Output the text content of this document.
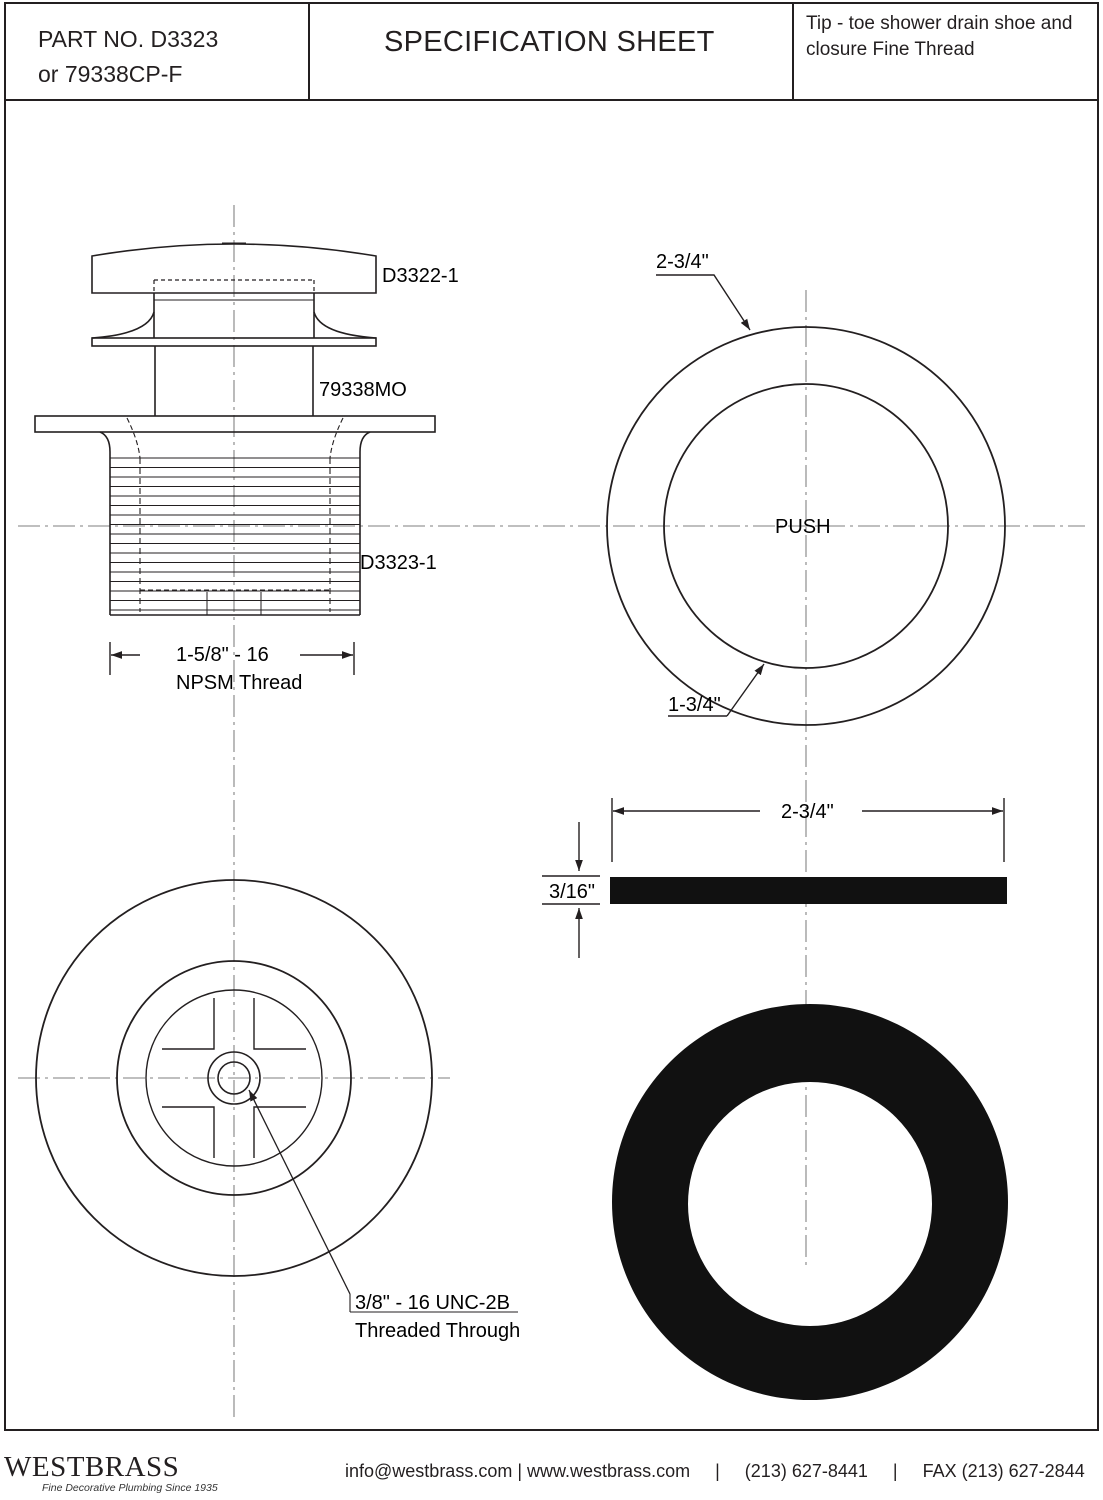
PART NO. D3323
or 79338CP-F
SPECIFICATION SHEET
Tip - toe shower drain shoe and
closure Fine Thread
D3322-1
79338MO
D3323-1
1-5/8" - 16
NPSM Thread
2-3/4"
PUSH
1-3/4"
2-3/4"
3/16"
3/8" - 16 UNC-2B
Threaded Through
WESTBRASS
Fine Decorative Plumbing Since 1935
info@westbrass.com | www.westbrass.com     |     (213) 627-8441     |     FAX (213) 627-2844
